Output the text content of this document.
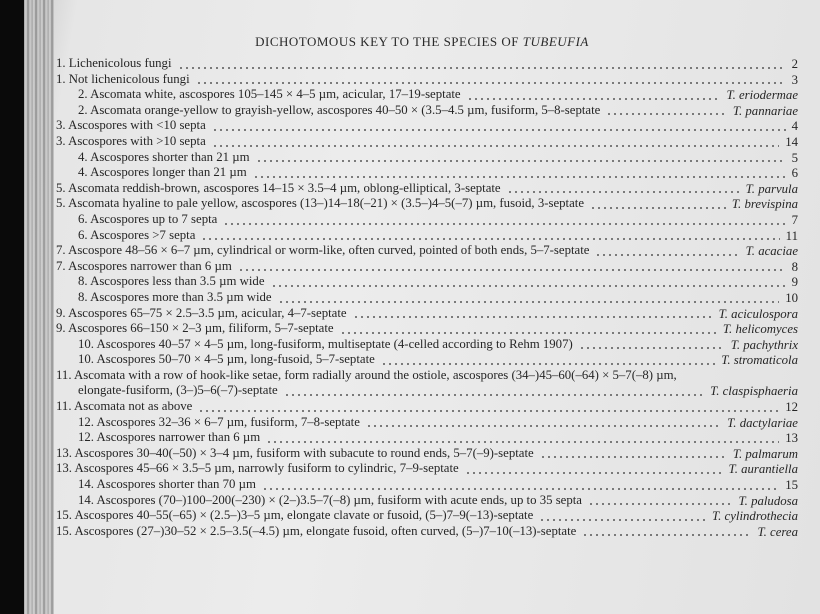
DICHOTOMOUS KEY TO THE SPECIES OF TUBEUFIA
1. Lichenicolous fungi	2
1. Not lichenicolous fungi	3
2. Ascomata white, ascospores 105–145 × 4–5 µm, acicular, 17–19-septate	T. eriodermae
2. Ascomata orange-yellow to grayish-yellow, ascospores 40–50 × (3.5–4.5 µm, fusiform, 5–8-septate	T. pannariae
3. Ascospores with <10 septa	4
3. Ascospores with >10 septa	14
4. Ascospores shorter than 21 µm	5
4. Ascospores longer than 21 µm	6
5. Ascomata reddish-brown, ascospores 14–15 × 3.5–4 µm, oblong-elliptical, 3-septate	T. parvula
5. Ascomata hyaline to pale yellow, ascospores (13–)14–18(–21) × (3.5–)4–5(–7) µm, fusoid, 3-septate	T. brevispina
6. Ascospores up to 7 septa	7
6. Ascospores >7 septa	11
7. Ascospore 48–56 × 6–7 µm, cylindrical or worm-like, often curved, pointed of both ends, 5–7-septate	T. acaciae
7. Ascospores narrower than 6 µm	8
8. Ascospores less than 3.5 µm wide	9
8. Ascospores more than 3.5 µm wide	10
9. Ascospores 65–75 × 2.5–3.5 µm, acicular, 4–7-septate	T. aciculospora
9. Ascospores 66–150 × 2–3 µm, filiform, 5–7-septate	T. helicomyces
10. Ascospores 40–57 × 4–5 µm, long-fusiform, multiseptate (4-celled according to Rehm 1907)	T. pachythrix
10. Ascospores 50–70 × 4–5 µm, long-fusoid, 5–7-septate	T. stromaticola
11. Ascomata with a row of hook-like setae, form radially around the ostiole, ascospores (34–)45–60(–64) × 5–7(–8) µm,
elongate-fusiform, (3–)5–6(–7)-septate	T. claspisphaeria
11. Ascomata not as above	12
12. Ascospores 32–36 × 6–7 µm, fusiform, 7–8-septate	T. dactylariae
12. Ascospores narrower than 6 µm	13
13. Ascospores 30–40(–50) × 3–4 µm, fusiform with subacute to round ends, 5–7(–9)-septate	T. palmarum
13. Ascospores 45–66 × 3.5–5 µm, narrowly fusiform to cylindric, 7–9-septate	T. aurantiella
14. Ascospores shorter than 70 µm	15
14. Ascospores (70–)100–200(–230) × (2–)3.5–7(–8) µm, fusiform with acute ends, up to 35 septa	T. paludosa
15. Ascospores 40–55(–65) × (2.5–)3–5 µm, elongate clavate or fusoid, (5–)7–9(–13)-septate	T. cylindrothecia
15. Ascospores (27–)30–52 × 2.5–3.5(–4.5) µm, elongate fusoid, often curved, (5–)7–10(–13)-septate	T. cerea
